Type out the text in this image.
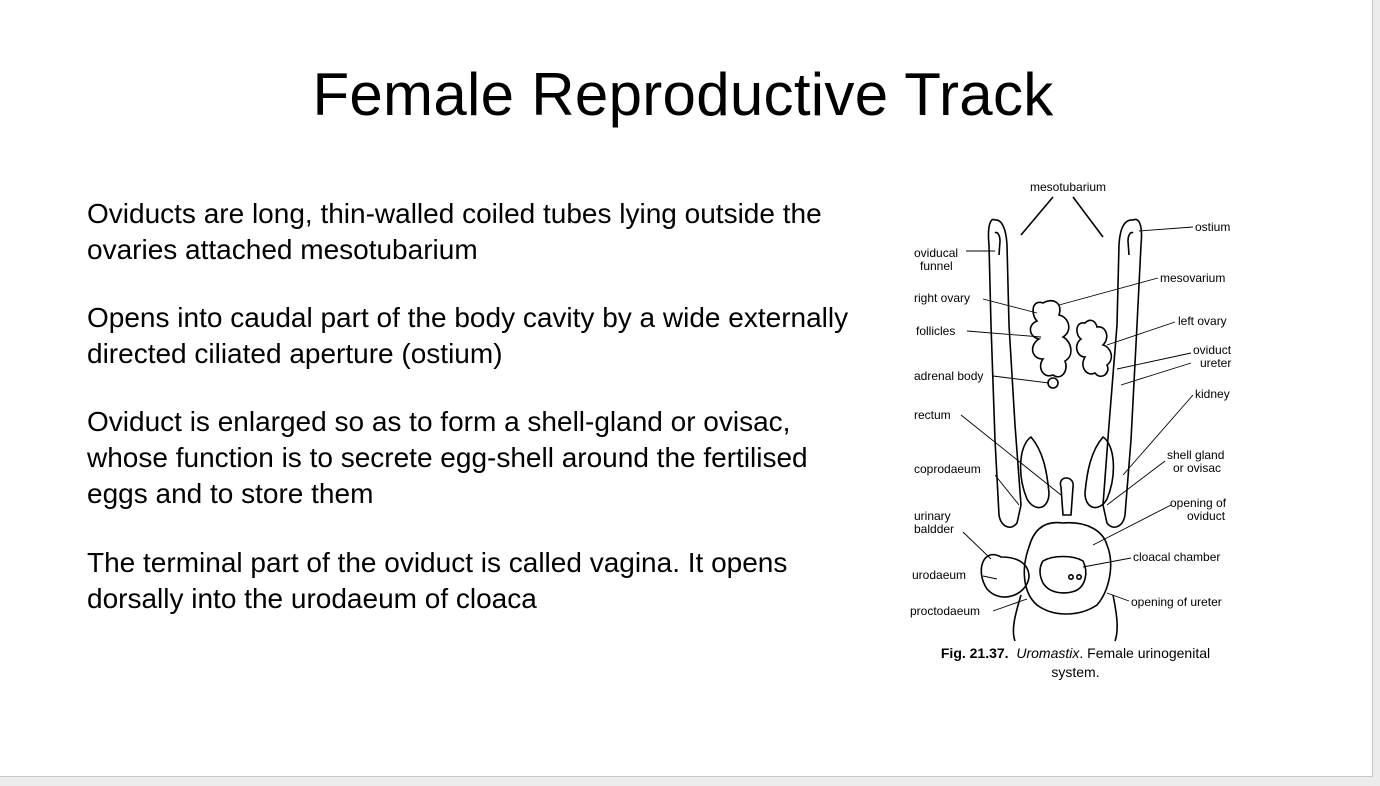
Female Reproductive Track

Oviducts are long, thin-walled coiled tubes lying outside the ovaries attached mesotubarium

Opens into caudal part of the body cavity by a wide externally directed ciliated aperture (ostium)

Oviduct is enlarged so as to form a shell-gland or ovisac, whose function is to secrete egg-shell around the fertilised eggs and to store them

The terminal part of the oviduct is called vagina. It opens dorsally into the urodaeum of cloaca

mesotubarium
ostium
oviducal
funnel
mesovarium
right ovary
left ovary
follicles
oviduct
ureter
adrenal body
kidney
rectum
shell gland
or ovisac
coprodaeum
opening of
oviduct
urinary
baldder
cloacal chamber
urodaeum
opening of ureter
proctodaeum
Fig. 21.37. Uromastix. Female urinogenital
system.
